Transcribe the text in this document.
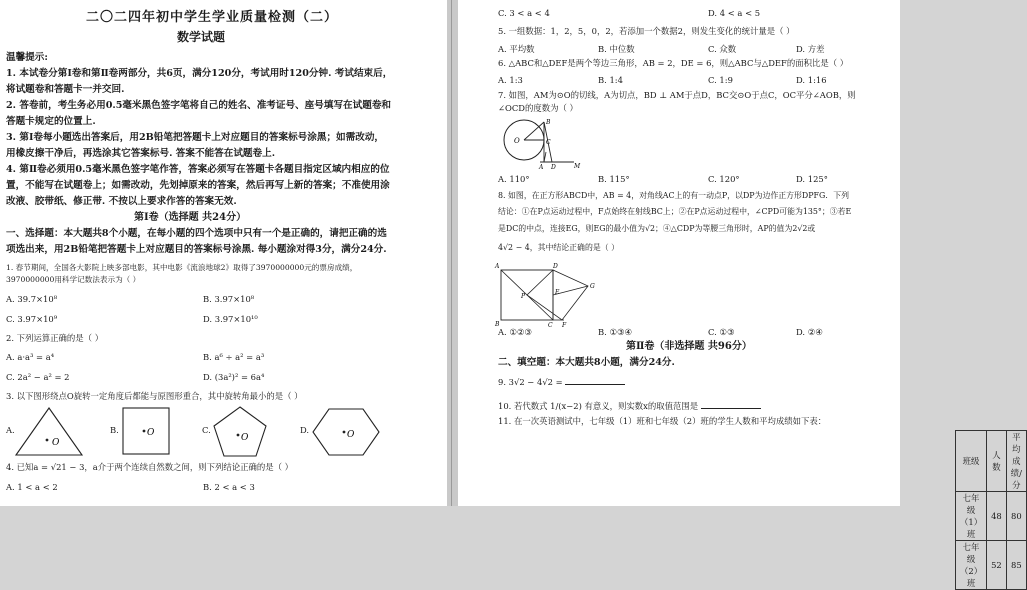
二〇二四年初中学生学业质量检测（二）
数学试题
温馨提示:
1. 本试卷分第Ⅰ卷和第Ⅱ卷两部分，共6页，满分120分，考试用时120分钟. 考试结束后，
将试题卷和答题卡一并交回.
2. 答卷前，考生务必用0.5毫米黑色签字笔将自己的姓名、准考证号、座号填写在试题卷和
答题卡规定的位置上.
3. 第Ⅰ卷每小题选出答案后，用2B铅笔把答题卡上对应题目的答案标号涂黑；如需改动，
用橡皮擦干净后，再选涂其它答案标号. 答案不能答在试题卷上.
4. 第Ⅱ卷必须用0.5毫米黑色签字笔作答，答案必须写在答题卡各题目指定区域内相应的位
置，不能写在试题卷上；如需改动，先划掉原来的答案，然后再写上新的答案；不准使用涂
改液、胶带纸、修正带. 不按以上要求作答的答案无效.
第Ⅰ卷（选择题 共24分）
一、选择题：本大题共8个小题，在每小题的四个选项中只有一个是正确的，请把正确的选
项选出来，用2B铅笔把答题卡上对应题目的答案标号涂黑. 每小题涂对得3分，满分24分.
1. 春节期间，全国各大影院上映多部电影，其中电影《流浪地球2》取得了3970000000元的票房成绩，
3970000000用科学记数法表示为（ ）
A. 39.7×10⁸	B. 3.97×10⁸
C. 3.97×10⁹	D. 3.97×10¹⁰
2. 下列运算正确的是（ ）
A. a·a³ = a⁴	B. a⁶ ÷ a² = a³
C. 2a² − a² = 2	D. (3a²)² = 6a⁴
3. 以下图形绕点O旋转一定角度后都能与原图形重合，其中旋转角最小的是（ ）
A.
O
B.	O	C.
O
D.	O
4. 已知a = √21 − 3，a介于两个连续自然数之间，则下列结论正确的是（ ）
A. 1 < a < 2	B. 2 < a < 3
C. 3 < a < 4	D. 4 < a < 5
5. 一组数据：1，2，5，0，2，若添加一个数据2，则发生变化的统计量是（ ）
A. 平均数	B. 中位数	C. 众数	D. 方差
6. △ABC和△DEF是两个等边三角形，AB = 2，DE = 6，则△ABC与△DEF的面积比是（ ）
A. 1:3	B. 1:4	C. 1:9	D. 1:16
7. 如图，AM为⊙O的切线，A为切点，BD ⊥ AM于点D，BC交⊙O于点C，OC平分∠AOB，则
∠OCD的度数为（ ）
O
B
C
A D	M
A. 110°	B. 115°	C. 120°	D. 125°
8. 如图，在正方形ABCD中，AB = 4，对角线AC上的有一动点P，以DP为边作正方形DPFG．下列
结论：①在P点运动过程中，F点始终在射线BC上；②在P点运动过程中，∠CPD可能为135°；③若E
是DC的中点，连接EG，则EG的最小值为√2；④△CDP为等腰三角形时，AP的值为2√2或
4√2 − 4，其中结论正确的是（ ）
A	D
G
P
E
B	C F
A. ①②③	B. ①③④	C. ①③	D. ②④
第Ⅱ卷（非选择题 共96分）
二、填空题：本大题共8小题，满分24分.
9. 3√2 − 4√2 =
10. 若代数式 1/(x−2) 有意义，则实数x的取值范围是
11. 在一次英语测试中，七年级（1）班和七年级（2）班的学生人数和平均成绩如下表：
班级	人数	平均成绩/分
七年级（1）班	48	80
七年级（2）班	52	85
